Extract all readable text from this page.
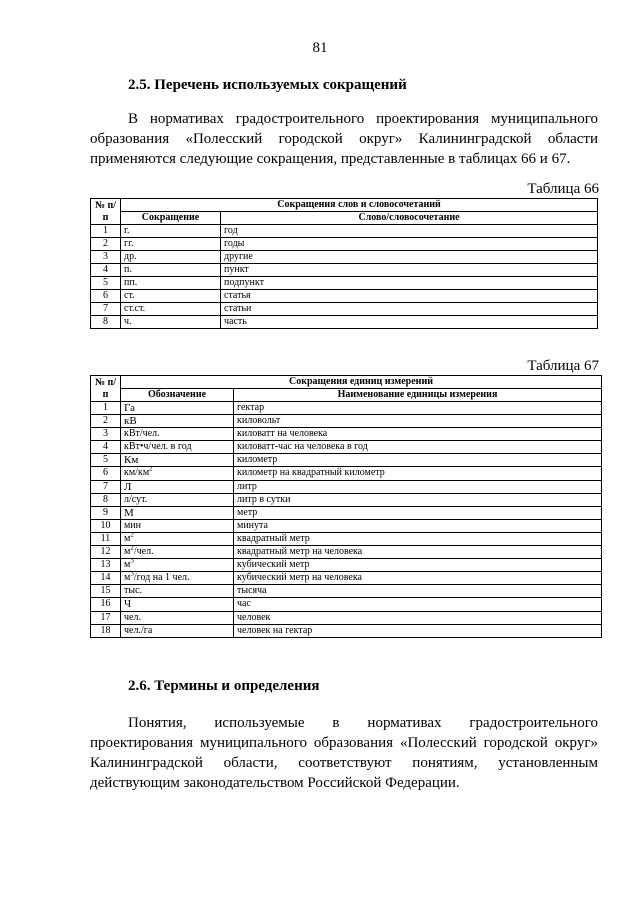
81
2.5. Перечень используемых сокращений
В нормативах градостроительного проектирования муниципального образования «Полесский городской округ» Калининградской области применяются следующие сокращения, представленные в таблицах 66 и 67.
Таблица 66
№ п/п	Сокращения слов и словосочетаний	
	Сокращение	Слово/словосочетание
1	г.	год
2	гг.	годы
3	др.	другие
4	п.	пункт
5	пп.	подпункт
6	ст.	статья
7	ст.ст.	статьи
8	ч.	часть
Таблица 67
№ п/п	Сокращения единиц измерений	
	Обозначение	Наименование единицы измерения
1	Га	гектар
2	кВ	киловольт
3	кВт/чел.	киловатт на человека
4	кВт•ч/чел. в год	киловатт-час на человека в год
5	Км	километр
6	$км/км^2$	километр на квадратный километр
7	Л	литр
8	л/сут.	литр в сутки
9	М	метр
10	мин	минута
11	$м^2$	квадратный метр
12	$м^2$/чел.	квадратный метр на человека
13	$м^3$	кубический метр
14	$м^3$/год на 1 чел.	кубический метр на человека
15	тыс.	тысяча
16	Ч	час
17	чел.	человек
18	чел./га	человек на гектар
2.6. Термины и определения
Понятия, используемые в нормативах градостроительного проектирования муниципального образования «Полесский городской округ» Калининградской области, соответствуют понятиям, установленным действующим законодательством Российской Федерации.
